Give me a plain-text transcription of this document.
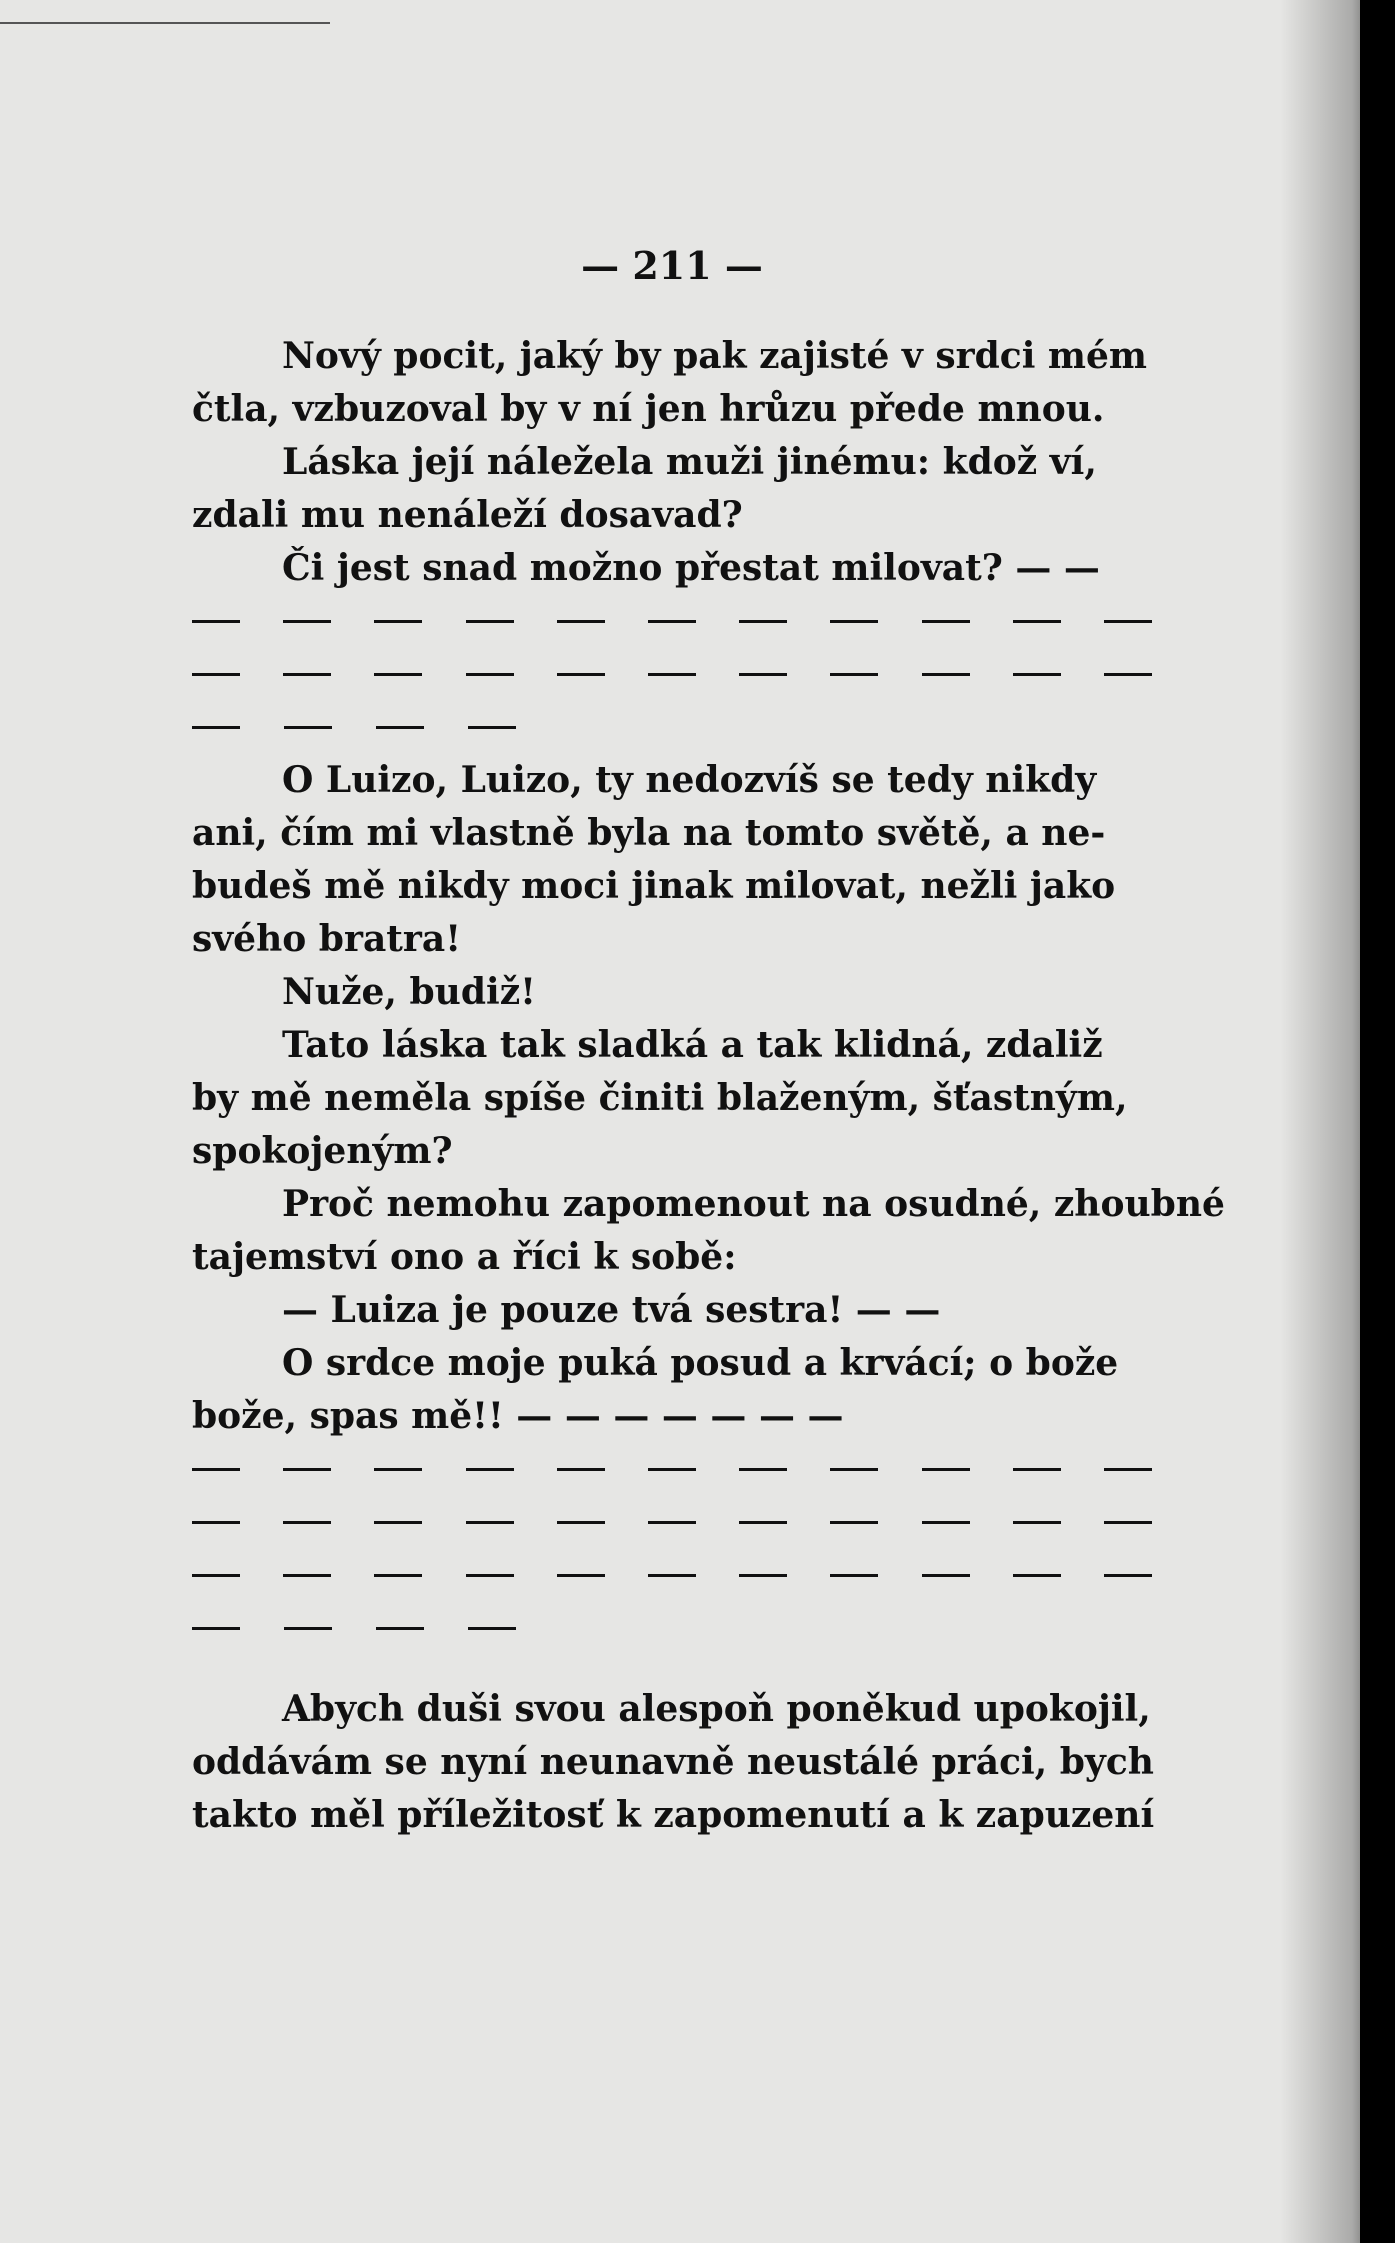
— 211 —
Nový pocit, jaký by pak zajisté v srdci mém
čtla, vzbuzoval by v ní jen hrůzu přede mnou.
Láska její náležela muži jinému: kdož ví,
zdali mu nenáleží dosavad?
Či jest snad možno přestat milovat? — —
O Luizo, Luizo, ty nedozvíš se tedy nikdy
ani, čím mi vlastně byla na tomto světě, a ne-
budeš mě nikdy moci jinak milovat, nežli jako
svého bratra!
Nuže, budiž!
Tato láska tak sladká a tak klidná, zdaliž
by mě neměla spíše činiti blaženým, šťastným,
spokojeným?
Proč nemohu zapomenout na osudné, zhoubné
tajemství ono a říci k sobě:
— Luiza je pouze tvá sestra! — —
O srdce moje puká posud a krvácí; o bože
bože, spas mě!! — — — — — — —
Abych duši svou alespoň poněkud upokojil,
oddávám se nyní neunavně neustálé práci, bych
takto měl příležitosť k zapomenutí a k zapuzení
